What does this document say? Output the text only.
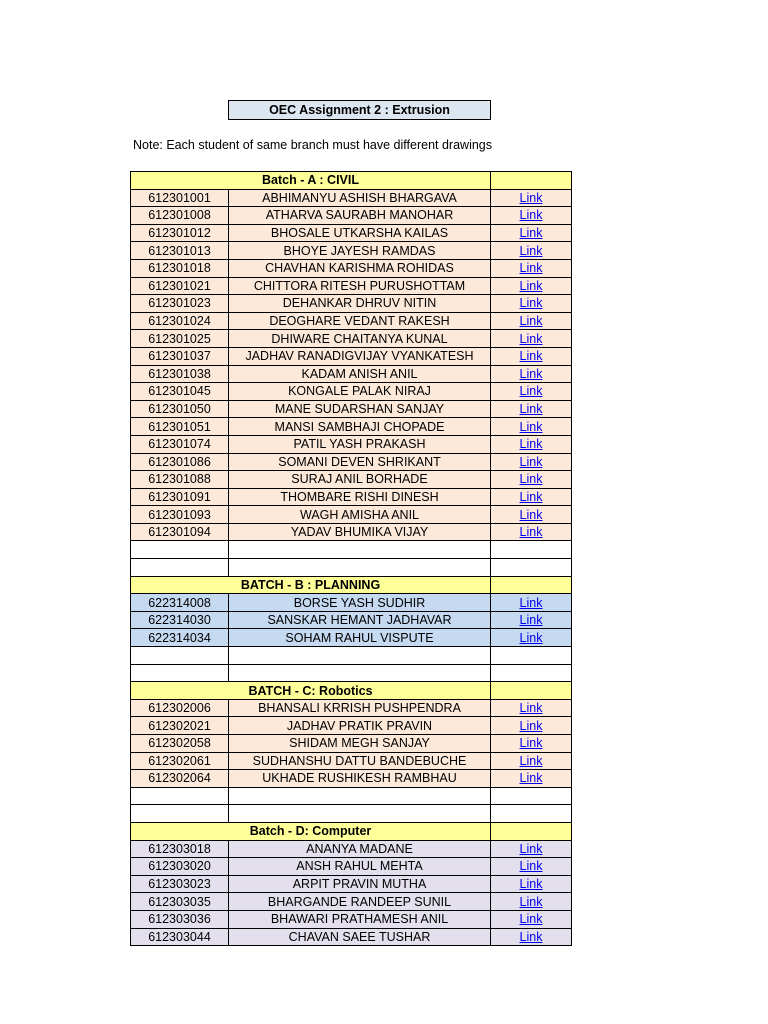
OEC Assignment 2 : Extrusion
Note: Each student of same branch must have different drawings
Batch - A : CIVIL		
612301001	ABHIMANYU ASHISH BHARGAVA	Link
612301008	ATHARVA SAURABH MANOHAR	Link
612301012	BHOSALE UTKARSHA KAILAS	Link
612301013	BHOYE JAYESH RAMDAS	Link
612301018	CHAVHAN KARISHMA ROHIDAS	Link
612301021	CHITTORA RITESH PURUSHOTTAM	Link
612301023	DEHANKAR DHRUV NITIN	Link
612301024	DEOGHARE VEDANT RAKESH	Link
612301025	DHIWARE CHAITANYA KUNAL	Link
612301037	JADHAV RANADIGVIJAY VYANKATESH	Link
612301038	KADAM ANISH ANIL	Link
612301045	KONGALE PALAK NIRAJ	Link
612301050	MANE SUDARSHAN SANJAY	Link
612301051	MANSI SAMBHAJI CHOPADE	Link
612301074	PATIL YASH PRAKASH	Link
612301086	SOMANI DEVEN SHRIKANT	Link
612301088	SURAJ ANIL BORHADE	Link
612301091	THOMBARE RISHI DINESH	Link
612301093	WAGH AMISHA ANIL	Link
612301094	YADAV BHUMIKA VIJAY	Link

BATCH - B : PLANNING		
622314008	BORSE YASH SUDHIR	Link
622314030	SANSKAR HEMANT JADHAVAR	Link
622314034	SOHAM RAHUL VISPUTE	Link

BATCH - C: Robotics		
612302006	BHANSALI KRRISH PUSHPENDRA	Link
612302021	JADHAV PRATIK PRAVIN	Link
612302058	SHIDAM MEGH SANJAY	Link
612302061	SUDHANSHU DATTU BANDEBUCHE	Link
612302064	UKHADE RUSHIKESH RAMBHAU	Link

Batch - D: Computer		
612303018	ANANYA MADANE	Link
612303020	ANSH RAHUL MEHTA	Link
612303023	ARPIT PRAVIN MUTHA	Link
612303035	BHARGANDE RANDEEP SUNIL	Link
612303036	BHAWARI PRATHAMESH ANIL	Link
612303044	CHAVAN SAEE TUSHAR	Link
